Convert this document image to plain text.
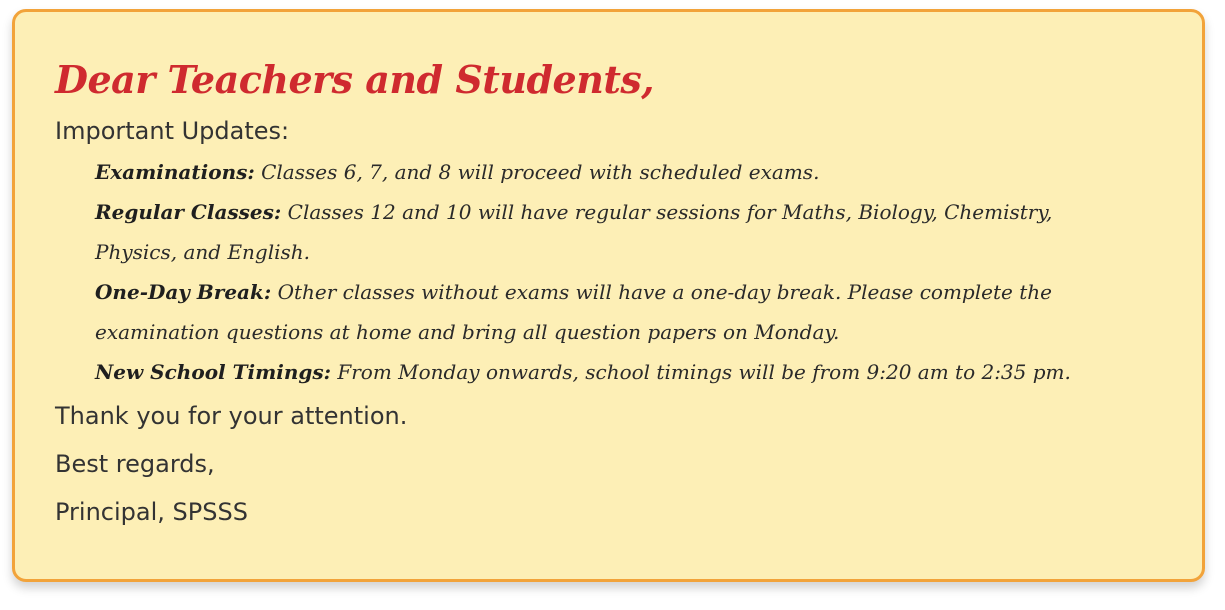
Dear Teachers and Students,

Important Updates:

Examinations: Classes 6, 7, and 8 will proceed with scheduled exams.
Regular Classes: Classes 12 and 10 will have regular sessions for Maths, Biology, Chemistry, Physics, and English.
One-Day Break: Other classes without exams will have a one-day break. Please complete the examination questions at home and bring all question papers on Monday.
New School Timings: From Monday onwards, school timings will be from 9:20 am to 2:35 pm.

Thank you for your attention.

Best regards,

Principal, SPSSS
